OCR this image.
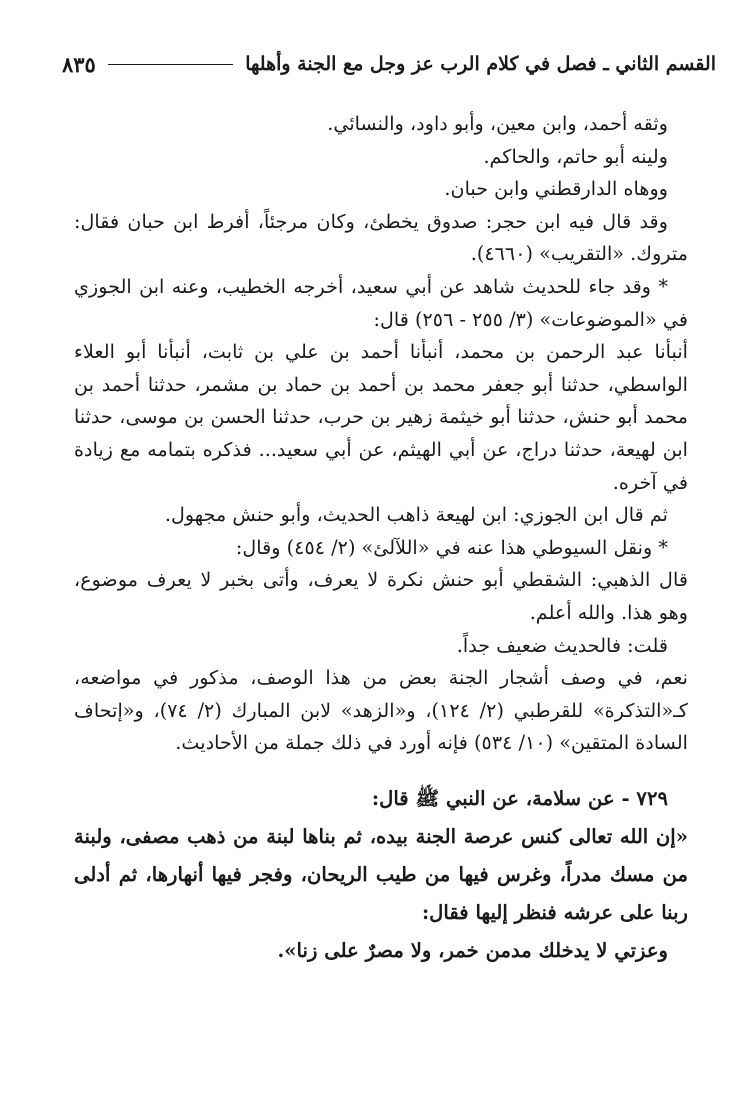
القسم الثاني ـ فصل في كلام الرب عز وجل مع الجنة وأهلها
٨٣٥

وثقه أحمد، وابن معين، وأبو داود، والنسائي.

ولينه أبو حاتم، والحاكم.

ووهاه الدارقطني وابن حبان.

وقد قال فيه ابن حجر: صدوق يخطئ، وكان مرجئاً، أفرط ابن حبان فقال: متروك. «التقريب» (٤٦٦٠).

* وقد جاء للحديث شاهد عن أبي سعيد، أخرجه الخطيب، وعنه ابن الجوزي في «الموضوعات» (٣/ ٢٥٥ - ٢٥٦) قال:

أنبأنا عبد الرحمن بن محمد، أنبأنا أحمد بن علي بن ثابت، أنبأنا أبو العلاء الواسطي، حدثنا أبو جعفر محمد بن أحمد بن حماد بن مشمر، حدثنا أحمد بن محمد أبو حنش، حدثنا أبو خيثمة زهير بن حرب، حدثنا الحسن بن موسى، حدثنا ابن لهيعة، حدثنا دراج، عن أبي الهيثم، عن أبي سعيد... فذكره بتمامه مع زيادة في آخره.

ثم قال ابن الجوزي: ابن لهيعة ذاهب الحديث، وأبو حنش مجهول.

* ونقل السيوطي هذا عنه في «اللآلئ» (٢/ ٤٥٤) وقال:

قال الذهبي: الشقطي أبو حنش نكرة لا يعرف، وأتى بخبر لا يعرف موضوع، وهو هذا. والله أعلم.

قلت: فالحديث ضعيف جداً.

نعم، في وصف أشجار الجنة بعض من هذا الوصف، مذكور في مواضعه، كـ«التذكرة» للقرطبي (٢/ ١٢٤)، و«الزهد» لابن المبارك (٢/ ٧٤)، و«إتحاف السادة المتقين» (١٠/ ٥٣٤) فإنه أورد في ذلك جملة من الأحاديث.

٧٢٩ - عن سلامة، عن النبي ﷺ قال:

«إن الله تعالى كنس عرصة الجنة بيده، ثم بناها لبنة من ذهب مصفى، ولبنة من مسك مدراً، وغرس فيها من طيب الريحان، وفجر فيها أنهارها، ثم أدلى ربنا على عرشه فنظر إليها فقال:

وعزتي لا يدخلك مدمن خمر، ولا مصرٌ على زنا».
